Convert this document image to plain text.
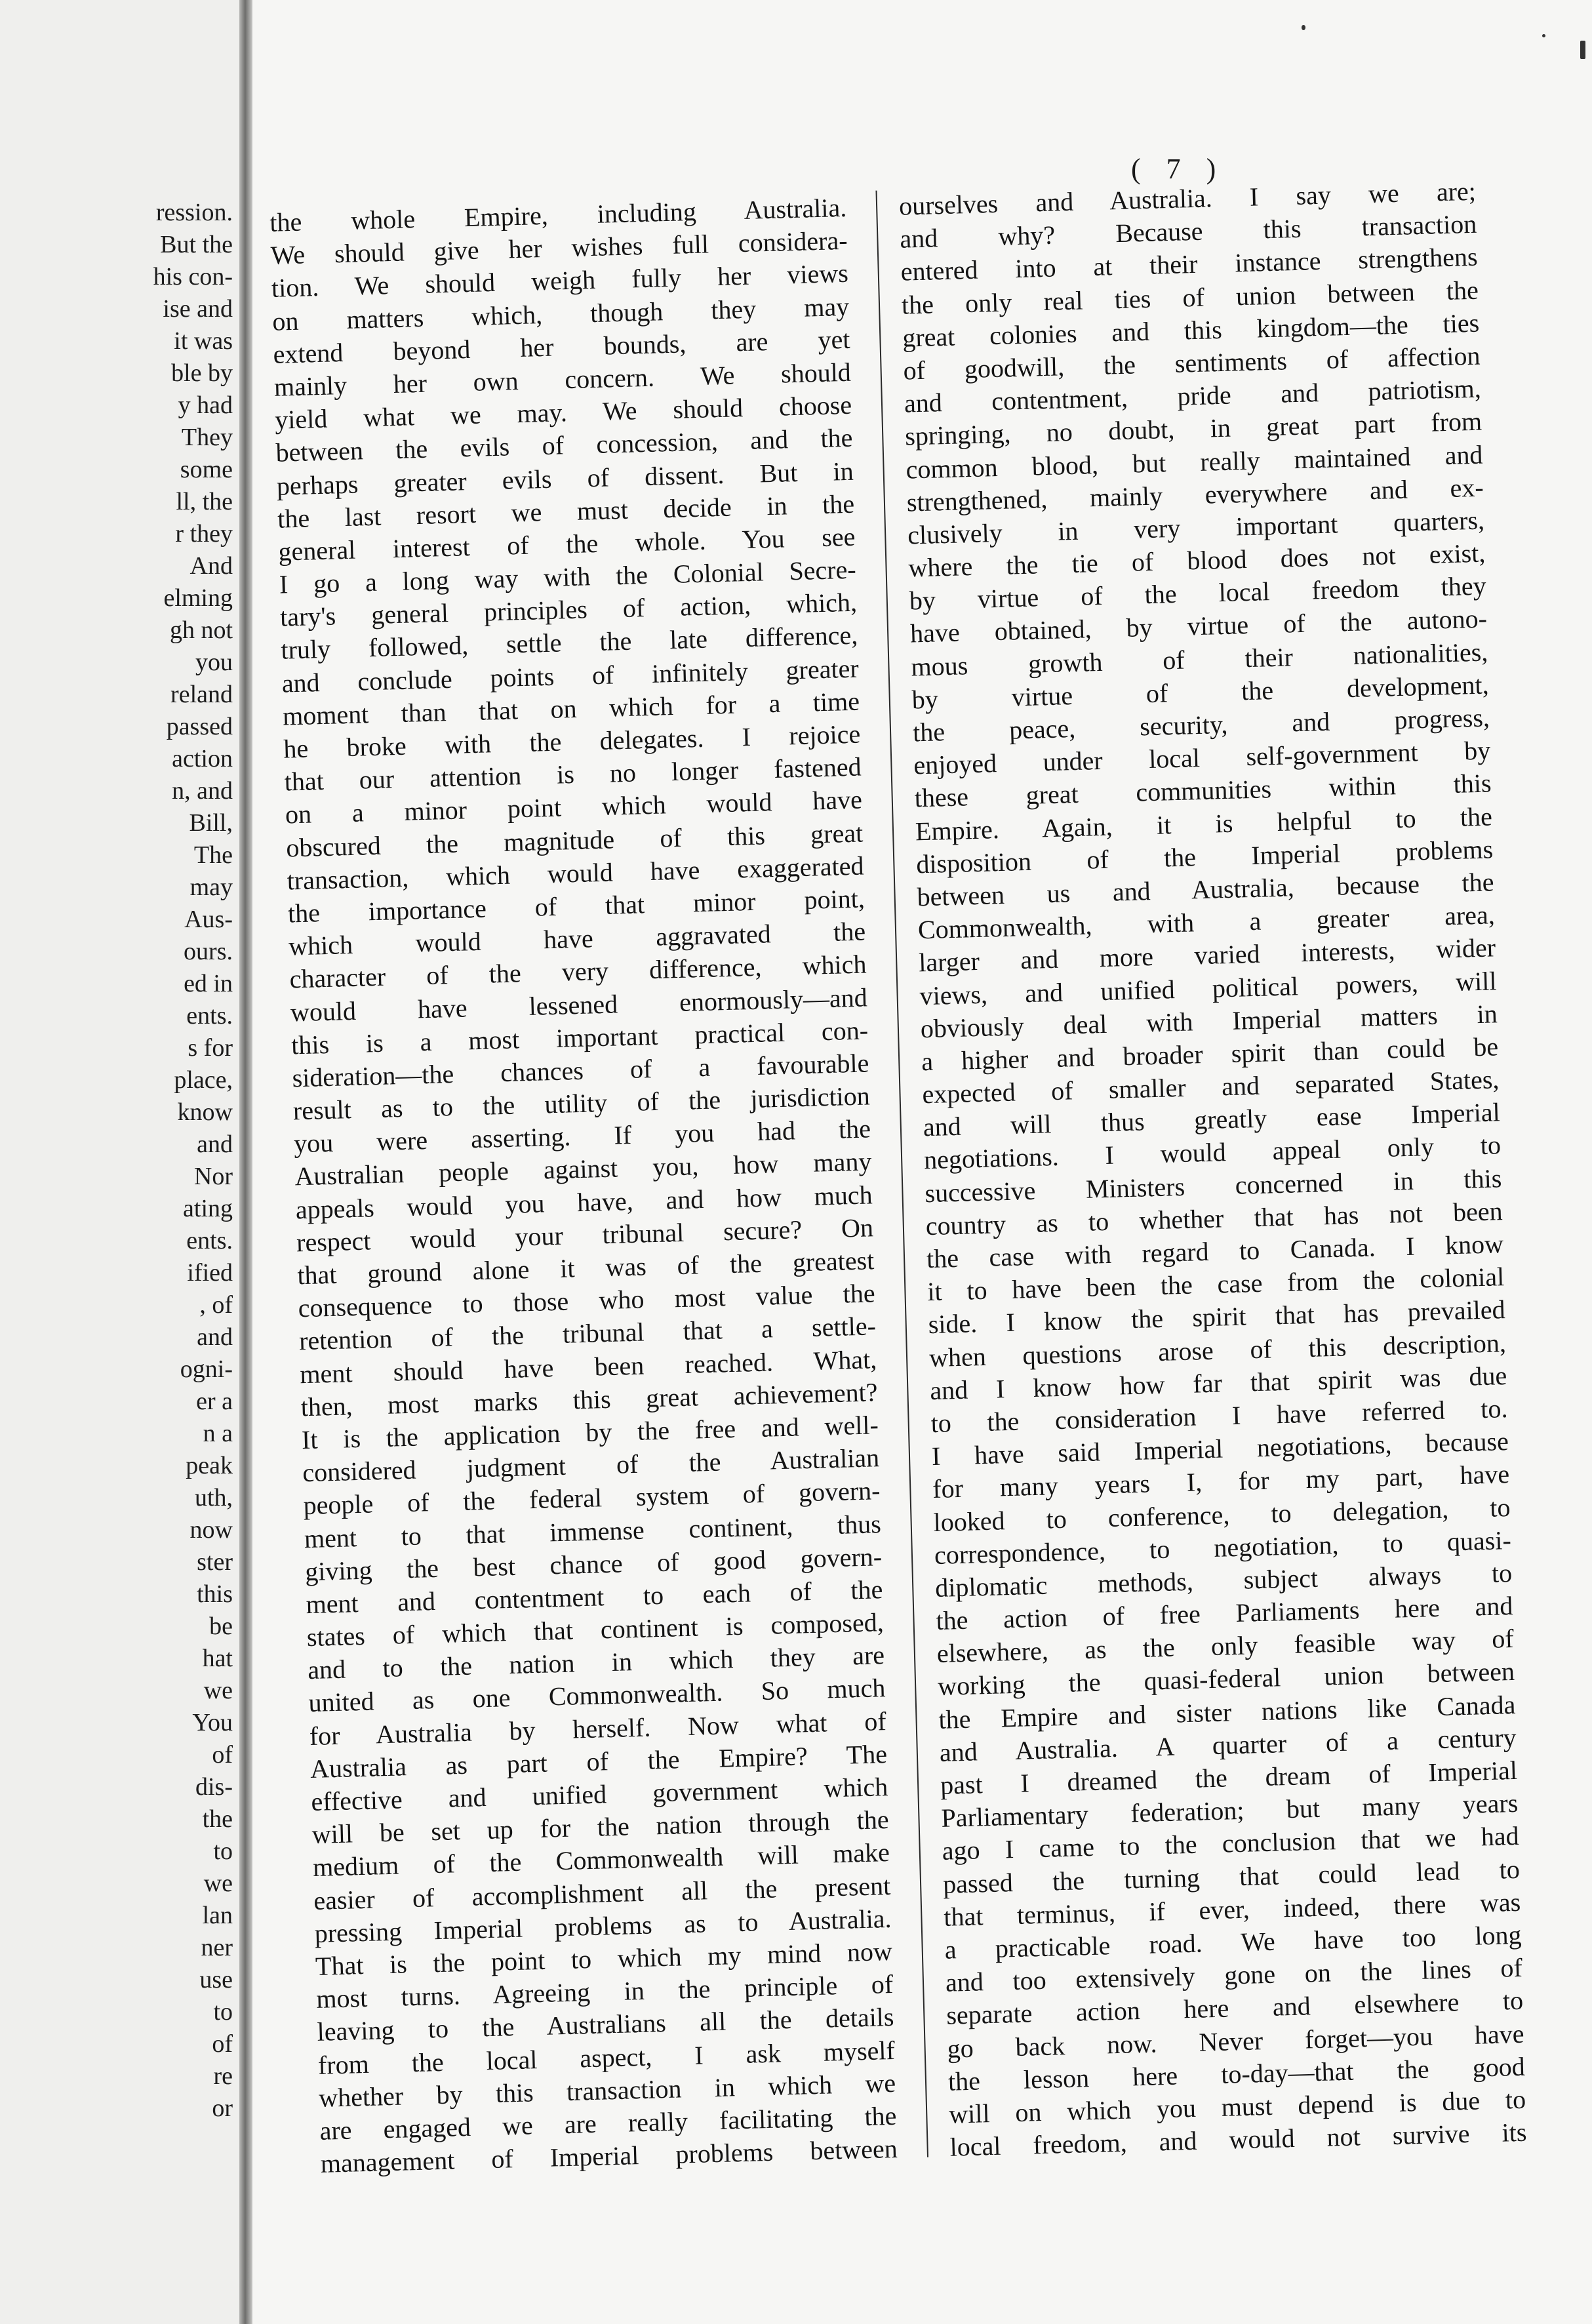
ression.
But the
his con-
ise and
it was
ble by
y had
They
some
ll, the
r they
And
elming
gh not
you
reland
passed
action
n, and
Bill,
The
may
Aus-
ours.
ed in
ents.
s for
place,
know
and
Nor
ating
ents.
ified
, of
and
ogni-
er a
n a
peak
uth,
now
ster
this
be
hat
we
You
of
dis-
the
to
we
lan
ner
use
to
of
re
or
( 7 )
the whole Empire, including Australia.
We should give her wishes full considera-
tion. We should weigh fully her views
on matters which, though they may
extend beyond her bounds, are yet
mainly her own concern. We should
yield what we may. We should choose
between the evils of concession, and the
perhaps greater evils of dissent. But in
the last resort we must decide in the
general interest of the whole. You see
I go a long way with the Colonial Secre-
tary's general principles of action, which,
truly followed, settle the late difference,
and conclude points of infinitely greater
moment than that on which for a time
he broke with the delegates. I rejoice
that our attention is no longer fastened
on a minor point which would have
obscured the magnitude of this great
transaction, which would have exaggerated
the importance of that minor point,
which would have aggravated the
character of the very difference, which
would have lessened enormously—and
this is a most important practical con-
sideration—the chances of a favourable
result as to the utility of the jurisdiction
you were asserting. If you had the
Australian people against you, how many
appeals would you have, and how much
respect would your tribunal secure? On
that ground alone it was of the greatest
consequence to those who most value the
retention of the tribunal that a settle-
ment should have been reached. What,
then, most marks this great achievement?
It is the application by the free and well-
considered judgment of the Australian
people of the federal system of govern-
ment to that immense continent, thus
giving the best chance of good govern-
ment and contentment to each of the
states of which that continent is composed,
and to the nation in which they are
united as one Commonwealth. So much
for Australia by herself. Now what of
Australia as part of the Empire? The
effective and unified government which
will be set up for the nation through the
medium of the Commonwealth will make
easier of accomplishment all the present
pressing Imperial problems as to Australia.
That is the point to which my mind now
most turns. Agreeing in the principle of
leaving to the Australians all the details
from the local aspect, I ask myself
whether by this transaction in which we
are engaged we are really facilitating the
management of Imperial problems between
ourselves and Australia. I say we are;
and why? Because this transaction
entered into at their instance strengthens
the only real ties of union between the
great colonies and this kingdom—the ties
of goodwill, the sentiments of affection
and contentment, pride and patriotism,
springing, no doubt, in great part from
common blood, but really maintained and
strengthened, mainly everywhere and ex-
clusively in very important quarters,
where the tie of blood does not exist,
by virtue of the local freedom they
have obtained, by virtue of the autono-
mous growth of their nationalities,
by virtue of the development,
the peace, security, and progress,
enjoyed under local self-government by
these great communities within this
Empire. Again, it is helpful to the
disposition of the Imperial problems
between us and Australia, because the
Commonwealth, with a greater area,
larger and more varied interests, wider
views, and unified political powers, will
obviously deal with Imperial matters in
a higher and broader spirit than could be
expected of smaller and separated States,
and will thus greatly ease Imperial
negotiations. I would appeal only to
successive Ministers concerned in this
country as to whether that has not been
the case with regard to Canada. I know
it to have been the case from the colonial
side. I know the spirit that has prevailed
when questions arose of this description,
and I know how far that spirit was due
to the consideration I have referred to.
I have said Imperial negotiations, because
for many years I, for my part, have
looked to conference, to delegation, to
correspondence, to negotiation, to quasi-
diplomatic methods, subject always to
the action of free Parliaments here and
elsewhere, as the only feasible way of
working the quasi-federal union between
the Empire and sister nations like Canada
and Australia. A quarter of a century
past I dreamed the dream of Imperial
Parliamentary federation; but many years
ago I came to the conclusion that we had
passed the turning that could lead to
that terminus, if ever, indeed, there was
a practicable road. We have too long
and too extensively gone on the lines of
separate action here and elsewhere to
go back now. Never forget—you have
the lesson here to-day—that the good
will on which you must depend is due to
local freedom, and would not survive its
